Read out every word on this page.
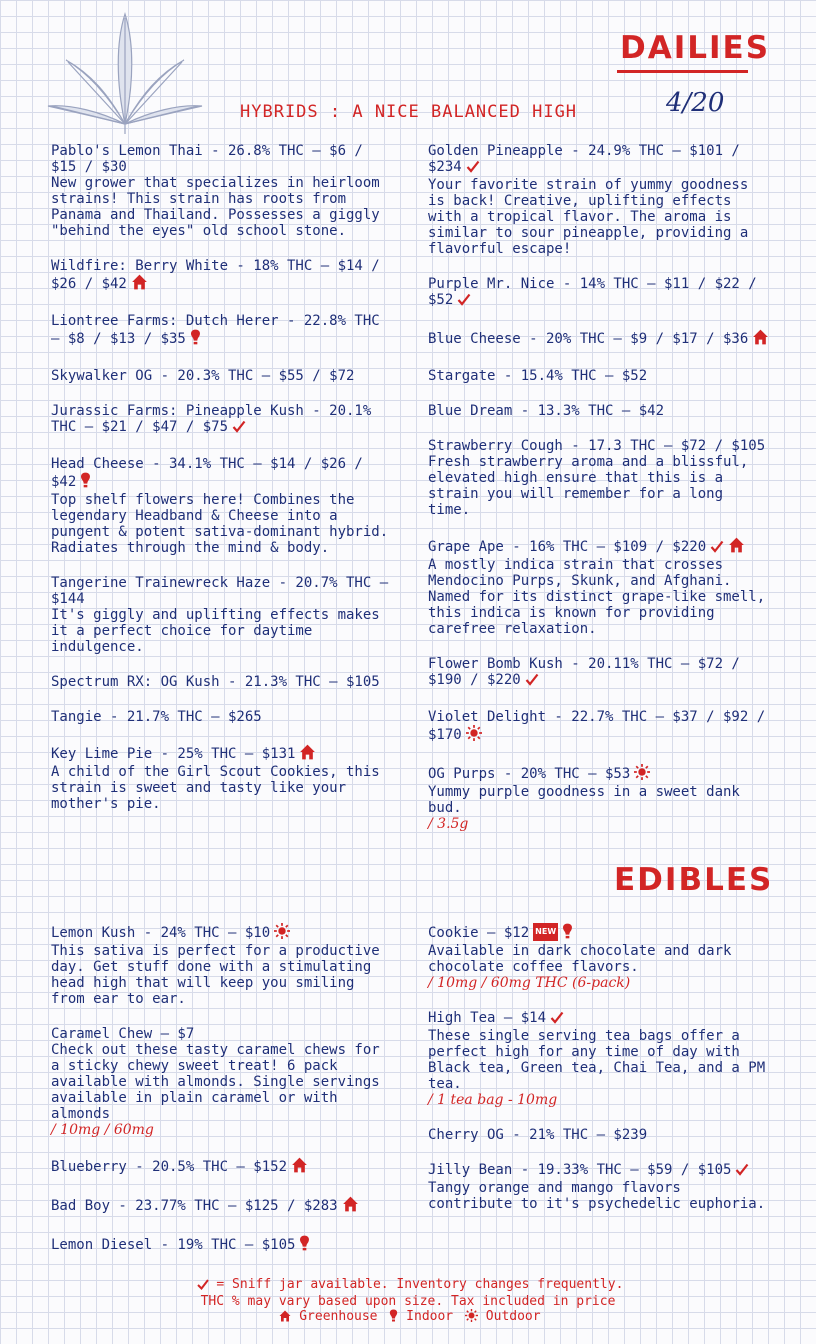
DAILIES
4/20
HYBRIDS : A NICE BALANCED HIGH

Pablo's Lemon Thai - 26.8% THC — $6 / $15 / $30

New grower that specializes in heirloom strains! This strain has roots from Panama and Thailand. Possesses a giggly "behind the eyes" old school stone.

Wildfire: Berry White - 18% THC — $14 / $26 / $42

Liontree Farms: Dutch Herer - 22.8% THC — $8 / $13 / $35

Skywalker OG - 20.3% THC — $55 / $72

Jurassic Farms: Pineapple Kush - 20.1% THC — $21 / $47 / $75

Head Cheese - 34.1% THC — $14 / $26 / $42

Top shelf flowers here! Combines the legendary Headband & Cheese into a pungent & potent sativa-dominant hybrid. Radiates through the mind & body.

Tangerine Trainewreck Haze - 20.7% THC — $144

It's giggly and uplifting effects makes it a perfect choice for daytime indulgence.

Spectrum RX: OG Kush - 21.3% THC — $105

Tangie - 21.7% THC — $265

Key Lime Pie - 25% THC — $131

A child of the Girl Scout Cookies, this strain is sweet and tasty like your mother's pie.

Golden Pineapple - 24.9% THC — $101 / $234

Your favorite strain of yummy goodness is back! Creative, uplifting effects with a tropical flavor. The aroma is similar to sour pineapple, providing a flavorful escape!

Purple Mr. Nice - 14% THC — $11 / $22 / $52

Blue Cheese - 20% THC — $9 / $17 / $36

Stargate - 15.4% THC — $52

Blue Dream - 13.3% THC — $42

Strawberry Cough - 17.3 THC — $72 / $105

Fresh strawberry aroma and a blissful, elevated high ensure that this is a strain you will remember for a long time.

Grape Ape - 16% THC — $109 / $220

A mostly indica strain that crosses Mendocino Purps, Skunk, and Afghani. Named for its distinct grape-like smell, this indica is known for providing carefree relaxation.

Flower Bomb Kush - 20.11% THC — $72 / $190 / $220

Violet Delight - 22.7% THC — $37 / $92 / $170

OG Purps - 20% THC — $53

Yummy purple goodness in a sweet dank bud.

/ 3.5g

EDIBLES

Lemon Kush - 24% THC — $10

This sativa is perfect for a productive day. Get stuff done with a stimulating head high that will keep you smiling from ear to ear.

Caramel Chew — $7

Check out these tasty caramel chews for a sticky chewy sweet treat! 6 pack available with almonds. Single servings available in plain caramel or with almonds

/ 10mg / 60mg

Blueberry - 20.5% THC — $152

Bad Boy - 23.77% THC — $125 / $283

Lemon Diesel - 19% THC — $105

Cookie — $12 NEW

Available in dark chocolate and dark chocolate coffee flavors.

/ 10mg / 60mg THC (6-pack)

High Tea — $14

These single serving tea bags offer a perfect high for any time of day with Black tea, Green tea, Chai Tea, and a PM tea.

/ 1 tea bag - 10mg

Cherry OG - 21% THC — $239

Jilly Bean - 19.33% THC — $59 / $105

Tangy orange and mango flavors contribute to it's psychedelic euphoria.

= Sniff jar available. Inventory changes frequently.
THC % may vary based upon size. Tax included in price
Greenhouse Indoor	Outdoor
